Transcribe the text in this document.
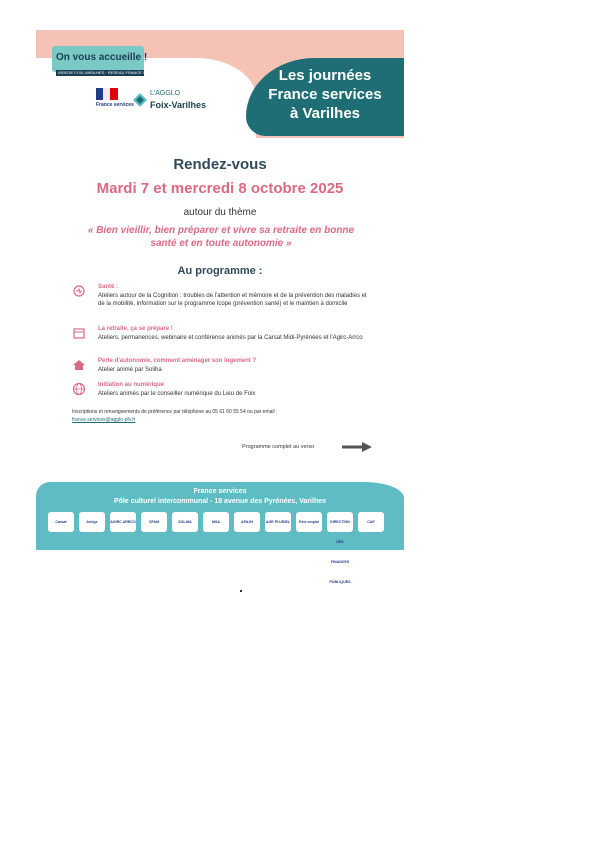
On vous accueille !
ARIEGE FOIX-VARILHES · RESEAU FRANCE SERVICES
France services
L'AGGLO
Foix-Varilhes
Les journées
France services
à Varilhes
Rendez-vous
Mardi 7 et mercredi 8 octobre 2025
autour du thème
« Bien vieillir, bien préparer et vivre sa retraite en bonne santé et en toute autonomie »
Au programme :
Santé :
Ateliers autour de la Cognition : troubles de l'attention et mémoire et de la prévention des maladies et de la mobilité, information sur le programme Icope (prévention santé) et le maintien à domicile
La retraite, ça se prépare !
Ateliers, permanences, webinaire et conférence animés par la Carsat Midi-Pyrénées et l'Agirc-Arrco
Perte d'autonomie, comment aménager son logement ?
Atelier animé par Soliha
Initiation au numérique
Ateliers animés par le conseiller numérique du Lieu de Foix
Inscriptions et renseignements de préférence par téléphone au 05 61 60 55 54 ou par email :
france.services@agglo-pfv.fr
Programme complet au verso
France services
Pôle culturel intercommunal - 18 avenue des Pyrénées, Varilhes
Carsat	Ariège	AGIRC ARRCO	CPAM	SOLIHA	MSA	APAJH	AGE PLURIEL	Pôle emploi	DIRECTION DES FINANCES PUBLIQUES
CAF
